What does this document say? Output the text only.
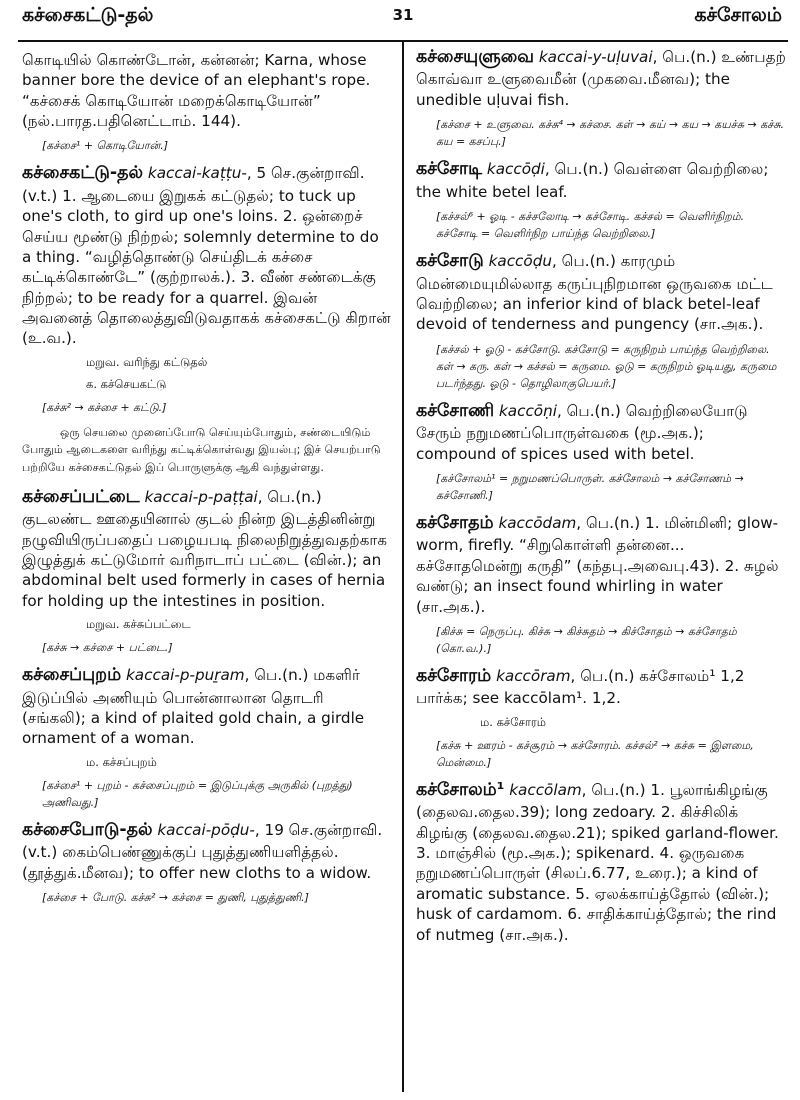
கச்சைகட்டு-தல்	31	கச்சோலம்
கொடியில் கொண்டோன், கன்னன்; Karna, whose banner bore the device of an elephant's rope. “கச்சைக் கொடியோன் மறைக்கொடியோன்” (நல்.பாரத.பதினெட்டாம். 144).
[கச்சை¹ + கொடியோன்.]
கச்சைகட்டு-தல் kaccai-kaṭṭu-, 5 செ.குன்றாவி. (v.t.) 1. ஆடையை இறுகக் கட்டுதல்; to tuck up one's cloth, to gird up one's loins. 2. ஒன்றைச் செய்ய மூண்டு நிற்றல்; solemnly determine to do a thing. “வழித்தொண்டு செய்திடக் கச்சை கட்டிக்கொண்டே” (குற்றாலக்.). 3. வீண் சண்டைக்கு நிற்றல்; to be ready for a quarrel. இவன் அவனைத் தொலைத்துவிடுவதாகக் கச்சைகட்டு கிறான் (உ.வ.).
மறுவ. வரிந்து கட்டுதல்
க. கச்செயகட்டு
[கச்சு² → கச்சை + கட்டு.]
ஒரு செயலை முனைப்போடு செய்யும்போதும், சண்டையிடும் போதும் ஆடைகளை வரிந்து கட்டிக்கொள்வது இயல்பு; இச் செயற்பாடு பற்றியே கச்சைகட்டுதல் இப் பொருளுக்கு ஆகி வந்துள்ளது.
கச்சைப்பட்டை kaccai-p-paṭṭai, பெ.(n.) குடலண்ட ஊதையினால் குடல் நின்ற இடத்தினின்று நழுவியிருப்பதைப் பழையபடி நிலைநிறுத்துவதற்காக இழுத்துக் கட்டுமோர் வரிநாடாப் பட்டை (வின்.); an abdominal belt used formerly in cases of hernia for holding up the intestines in position.
மறுவ. கச்சுப்பட்டை
[கச்சு → கச்சை + பட்டை.]
கச்சைப்புறம் kaccai-p-puṟam, பெ.(n.) மகளிர் இடுப்பில் அணியும் பொன்னாலான தொடரி (சங்கலி); a kind of plaited gold chain, a girdle ornament of a woman.
ம. கச்சப்புறம்
[கச்சை¹ + புறம் - கச்சைப்புறம் = இடுப்புக்கு அருகில் (புறத்து) அணிவது.]
கச்சைபோடு-தல் kaccai-pōḍu-, 19 செ.குன்றாவி. (v.t.) கைம்பெண்ணுக்குப் புதுத்துணியளித்தல். (தூத்துக்.மீனவ); to offer new cloths to a widow.
[கச்சை + போடு. கச்சு² → கச்சை = துணி, புதுத்துணி.]
கச்சையுளுவை kaccai-y-uḷuvai, பெ.(n.) உண்பதற் கொவ்வா உளுவைமீன் (முகவை.மீனவ); the unedible uḷuvai fish.
[கச்சை + உளுவை. கச்சு⁴ → கச்சை. கள் → கய் → கய → கயச்சு → கச்சு. கய = கசப்பு.]
கச்சோடி kaccōḍi, பெ.(n.) வெள்ளை வெற்றிலை; the white betel leaf.
[கச்சல்⁶ + ஓடி - கச்சலோடி → கச்சோடி. கச்சல் = வெளிர்நிறம். கச்சோடி = வெளிர்நிற பாய்ந்த வெற்றிலை.]
கச்சோடு kaccōḍu, பெ.(n.) காரமும் மென்மையுமில்லாத கருப்புநிறமான ஒருவகை மட்ட வெற்றிலை; an inferior kind of black betel-leaf devoid of tenderness and pungency (சா.அக.).
[கச்சல் + ஓடு - கச்சோடு. கச்சோடு = கருநிறம் பாய்ந்த வெற்றிலை. கள் → கரு. கள் → கச்சல் = கருமை. ஓடு = கருநிறம் ஓடியது, கருமை படர்ந்தது. ஓடு - தொழிலாகுபெயர்.]
கச்சோணி kaccōṇi, பெ.(n.) வெற்றிலையோடு சேரும் நறுமணப்பொருள்வகை (மூ.அக.); compound of spices used with betel.
[கச்சோலம்¹ = நறுமணப்பொருள். கச்சோலம் → கச்சோணம் → கச்சோணி.]
கச்சோதம் kaccōdam, பெ.(n.) 1. மின்மினி; glow-worm, firefly. “சிறுகொள்ளி தன்னை... கச்சோதமென்று கருதி” (கந்தபு.அவைபு.43). 2. சுழல் வண்டு; an insect found whirling in water (சா.அக.).
[கிச்சு = நெருப்பு. கிச்சு → கிச்சுதம் → கிச்சோதம் → கச்சோதம் (கொ.வ.).]
கச்சோரம் kaccōram, பெ.(n.) கச்சோலம்¹ 1,2 பார்க்க; see kaccōlam¹. 1,2.
ம. கச்சோரம்
[கச்சு + ஊரம் - கச்சூரம் → கச்சோரம். கச்சல்² → கச்சு = இளமை, மென்மை.]
கச்சோலம்¹ kaccōlam, பெ.(n.) 1. பூலாங்கிழங்கு (தைலவ.தைல.39); long zedoary. 2. கிச்சிலிக் கிழங்கு (தைலவ.தைல.21); spiked garland-flower. 3. மாஞ்சில் (மூ.அக.); spikenard. 4. ஒருவகை நறுமணப்பொருள் (சிலப்.6.77, உரை.); a kind of aromatic substance. 5. ஏலக்காய்த்தோல் (வின்.); husk of cardamom. 6. சாதிக்காய்த்தோல்; the rind of nutmeg (சா.அக.).
